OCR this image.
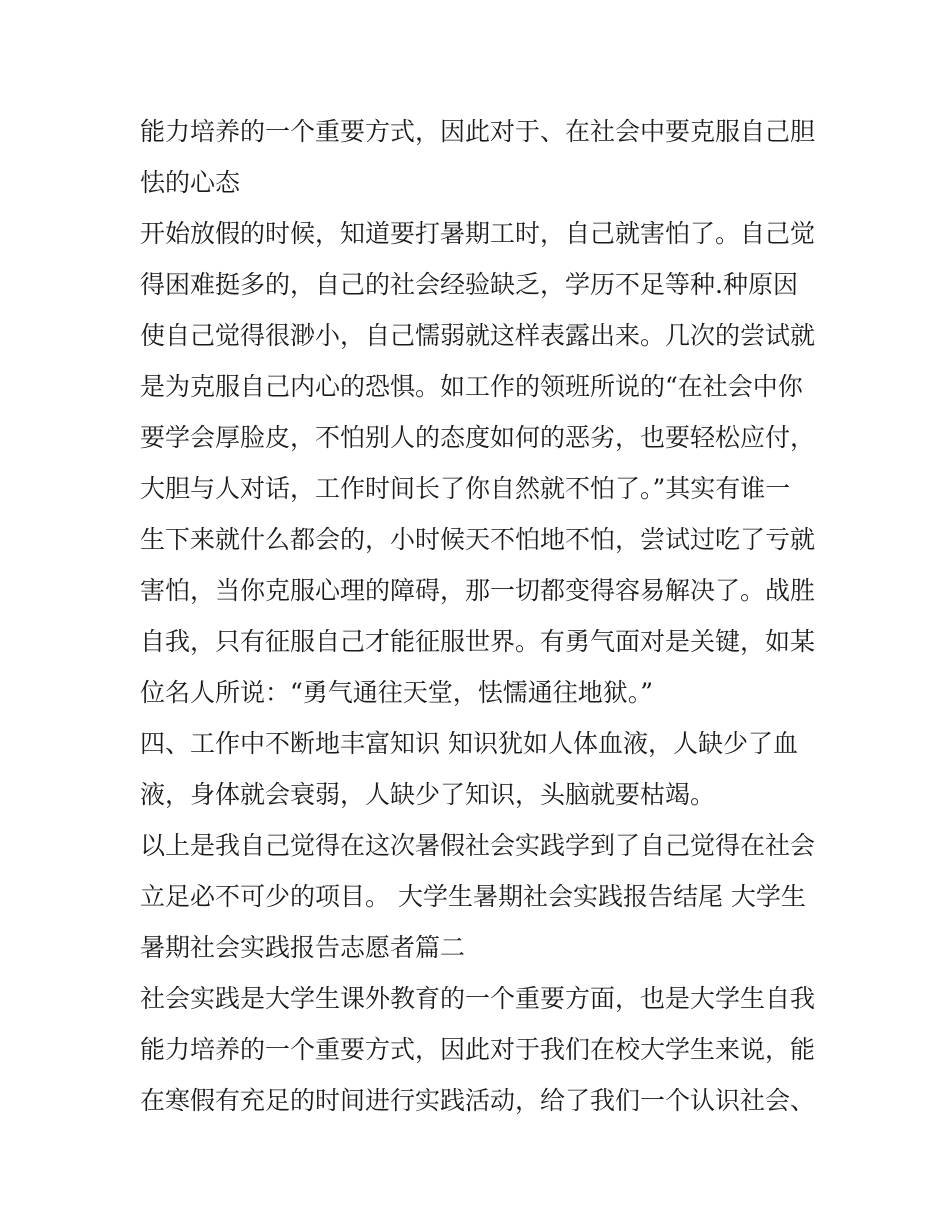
能力培养的一个重要方式，因此对于、在社会中要克服自己胆
怯的心态
开始放假的时候，知道要打暑期工时，自己就害怕了。自己觉
得困难挺多的，自己的社会经验缺乏，学历不足等种.种原因
使自己觉得很渺小，自己懦弱就这样表露出来。几次的尝试就
是为克服自己内心的恐惧。如工作的领班所说的“在社会中你
要学会厚脸皮，不怕别人的态度如何的恶劣，也要轻松应付，
大胆与人对话，工作时间长了你自然就不怕了。”其实有谁一
生下来就什么都会的，小时候天不怕地不怕，尝试过吃了亏就
害怕，当你克服心理的障碍，那一切都变得容易解决了。战胜
自我，只有征服自己才能征服世界。有勇气面对是关键，如某
位名人所说：“勇气通往天堂，怯懦通往地狱。”
四、工作中不断地丰富知识 知识犹如人体血液，人缺少了血
液，身体就会衰弱，人缺少了知识，头脑就要枯竭。
以上是我自己觉得在这次暑假社会实践学到了自己觉得在社会
立足必不可少的项目。 大学生暑期社会实践报告结尾 大学生
暑期社会实践报告志愿者篇二
社会实践是大学生课外教育的一个重要方面，也是大学生自我
能力培养的一个重要方式，因此对于我们在校大学生来说，能
在寒假有充足的时间进行实践活动，给了我们一个认识社会、
